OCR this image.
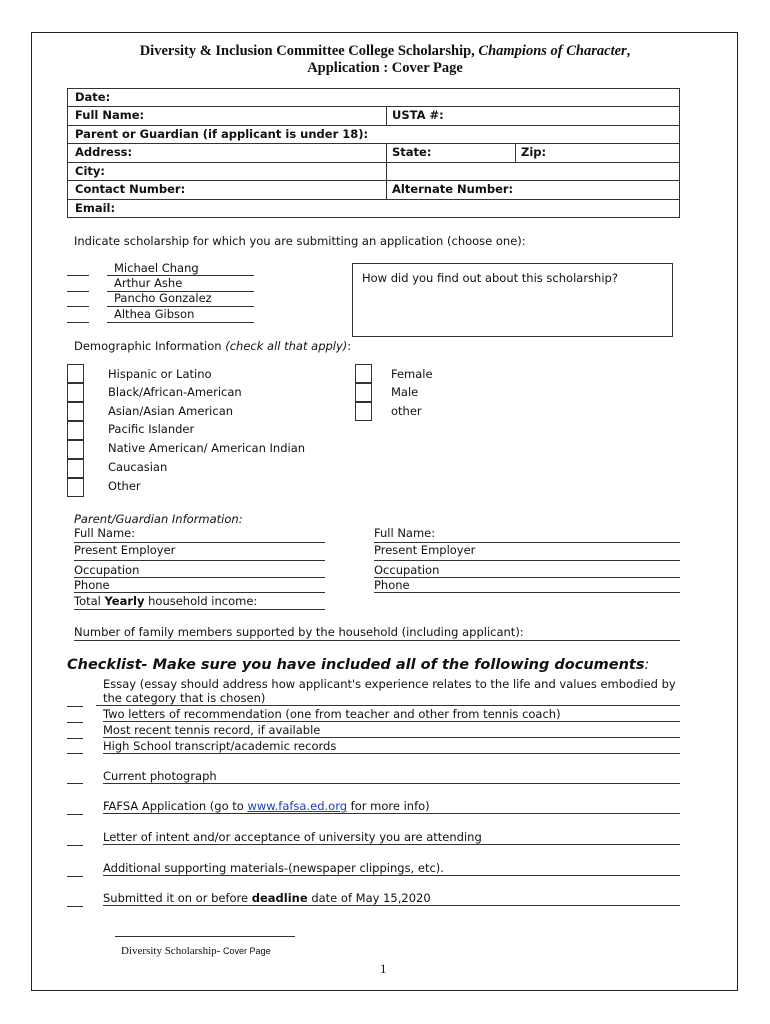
Diversity & Inclusion Committee College Scholarship, Champions of Character,
Application : Cover Page
Date:
Full Name:	USTA #:
Parent or Guardian (if applicant is under 18):
Address:	State:	Zip:
City:
Contact Number:	Alternate Number:
Email:
Indicate scholarship for which you are submitting an application (choose one):
Michael Chang
Arthur Ashe
Pancho Gonzalez
Althea Gibson
How did you find out about this scholarship?
Demographic Information (check all that apply):
Hispanic or Latino
Black/African-American
Asian/Asian American
Pacific Islander
Native American/ American Indian
Caucasian
Other
Female
Male
other
Parent/Guardian Information:
Full Name:
Present Employer
Occupation
Phone
Full Name:
Present Employer
Occupation
Phone
Total Yearly household income:
Number of family members supported by the household (including applicant):
Checklist- Make sure you have included all of the following documents:
Essay (essay should address how applicant's experience relates to the life and values embodied by
the category that is chosen)
Two letters of recommendation (one from teacher and other from tennis coach)
Most recent tennis record, if available
High School transcript/academic records
Current photograph
FAFSA Application (go to www.fafsa.ed.org for more info)
Letter of intent and/or acceptance of university you are attending
Additional supporting materials-(newspaper clippings, etc).
Submitted it on or before deadline date of May 15,2020
Diversity Scholarship- Cover Page
1
